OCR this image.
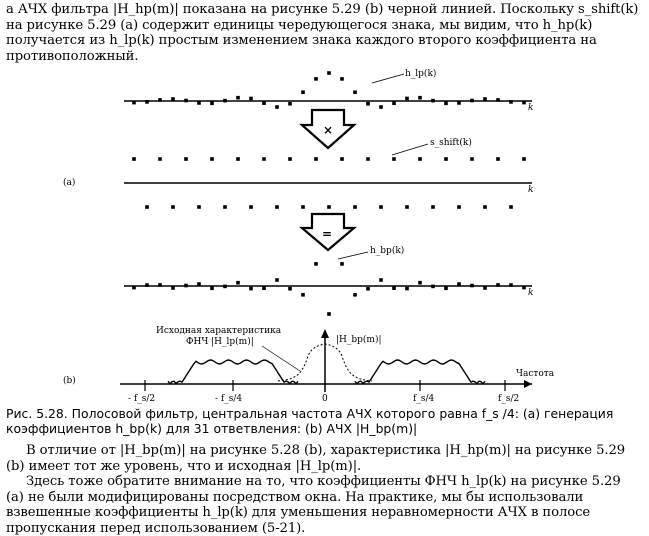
а АЧХ фильтра |H_hp(m)| показана на рисунке 5.29 (b) черной линией. Поскольку s_shift(k) на рисунке 5.29 (а) содержит единицы чередующегося знака, мы видим, что h_hp(k) получается из h_lp(k) простым изменением знака каждого второго коэффициента на противоположный.
k
h_lp(k)
×
k
s_shift(k)
=
k
h_bp(k)
- f_s/2	- f_s/4	0	f_s/4	f_s/2
Частота
Исходная характеристика
ФНЧ |H_lp(m)|	|H_bp(m)|
(a)
(b)
Рис. 5.28. Полосовой фильтр, центральная частота АЧХ которого равна f_s /4: (а) генерация коэффициентов h_bp(k) для 31 ответвления: (b) АЧХ |H_bp(m)|
В отличие от |H_bp(m)| на рисунке 5.28 (b), характеристика |H_hp(m)| на рисунке 5.29 (b) имеет тот же уровень, что и исходная |H_lp(m)|.
Здесь тоже обратите внимание на то, что коэффициенты ФНЧ h_lp(k) на рисунке 5.29 (а) не были модифицированы посредством окна. На практике, мы бы использовали взвешенные коэффициенты h_lp(k) для уменьшения неравномерности АЧХ в полосе пропускания перед использованием (5-21).
